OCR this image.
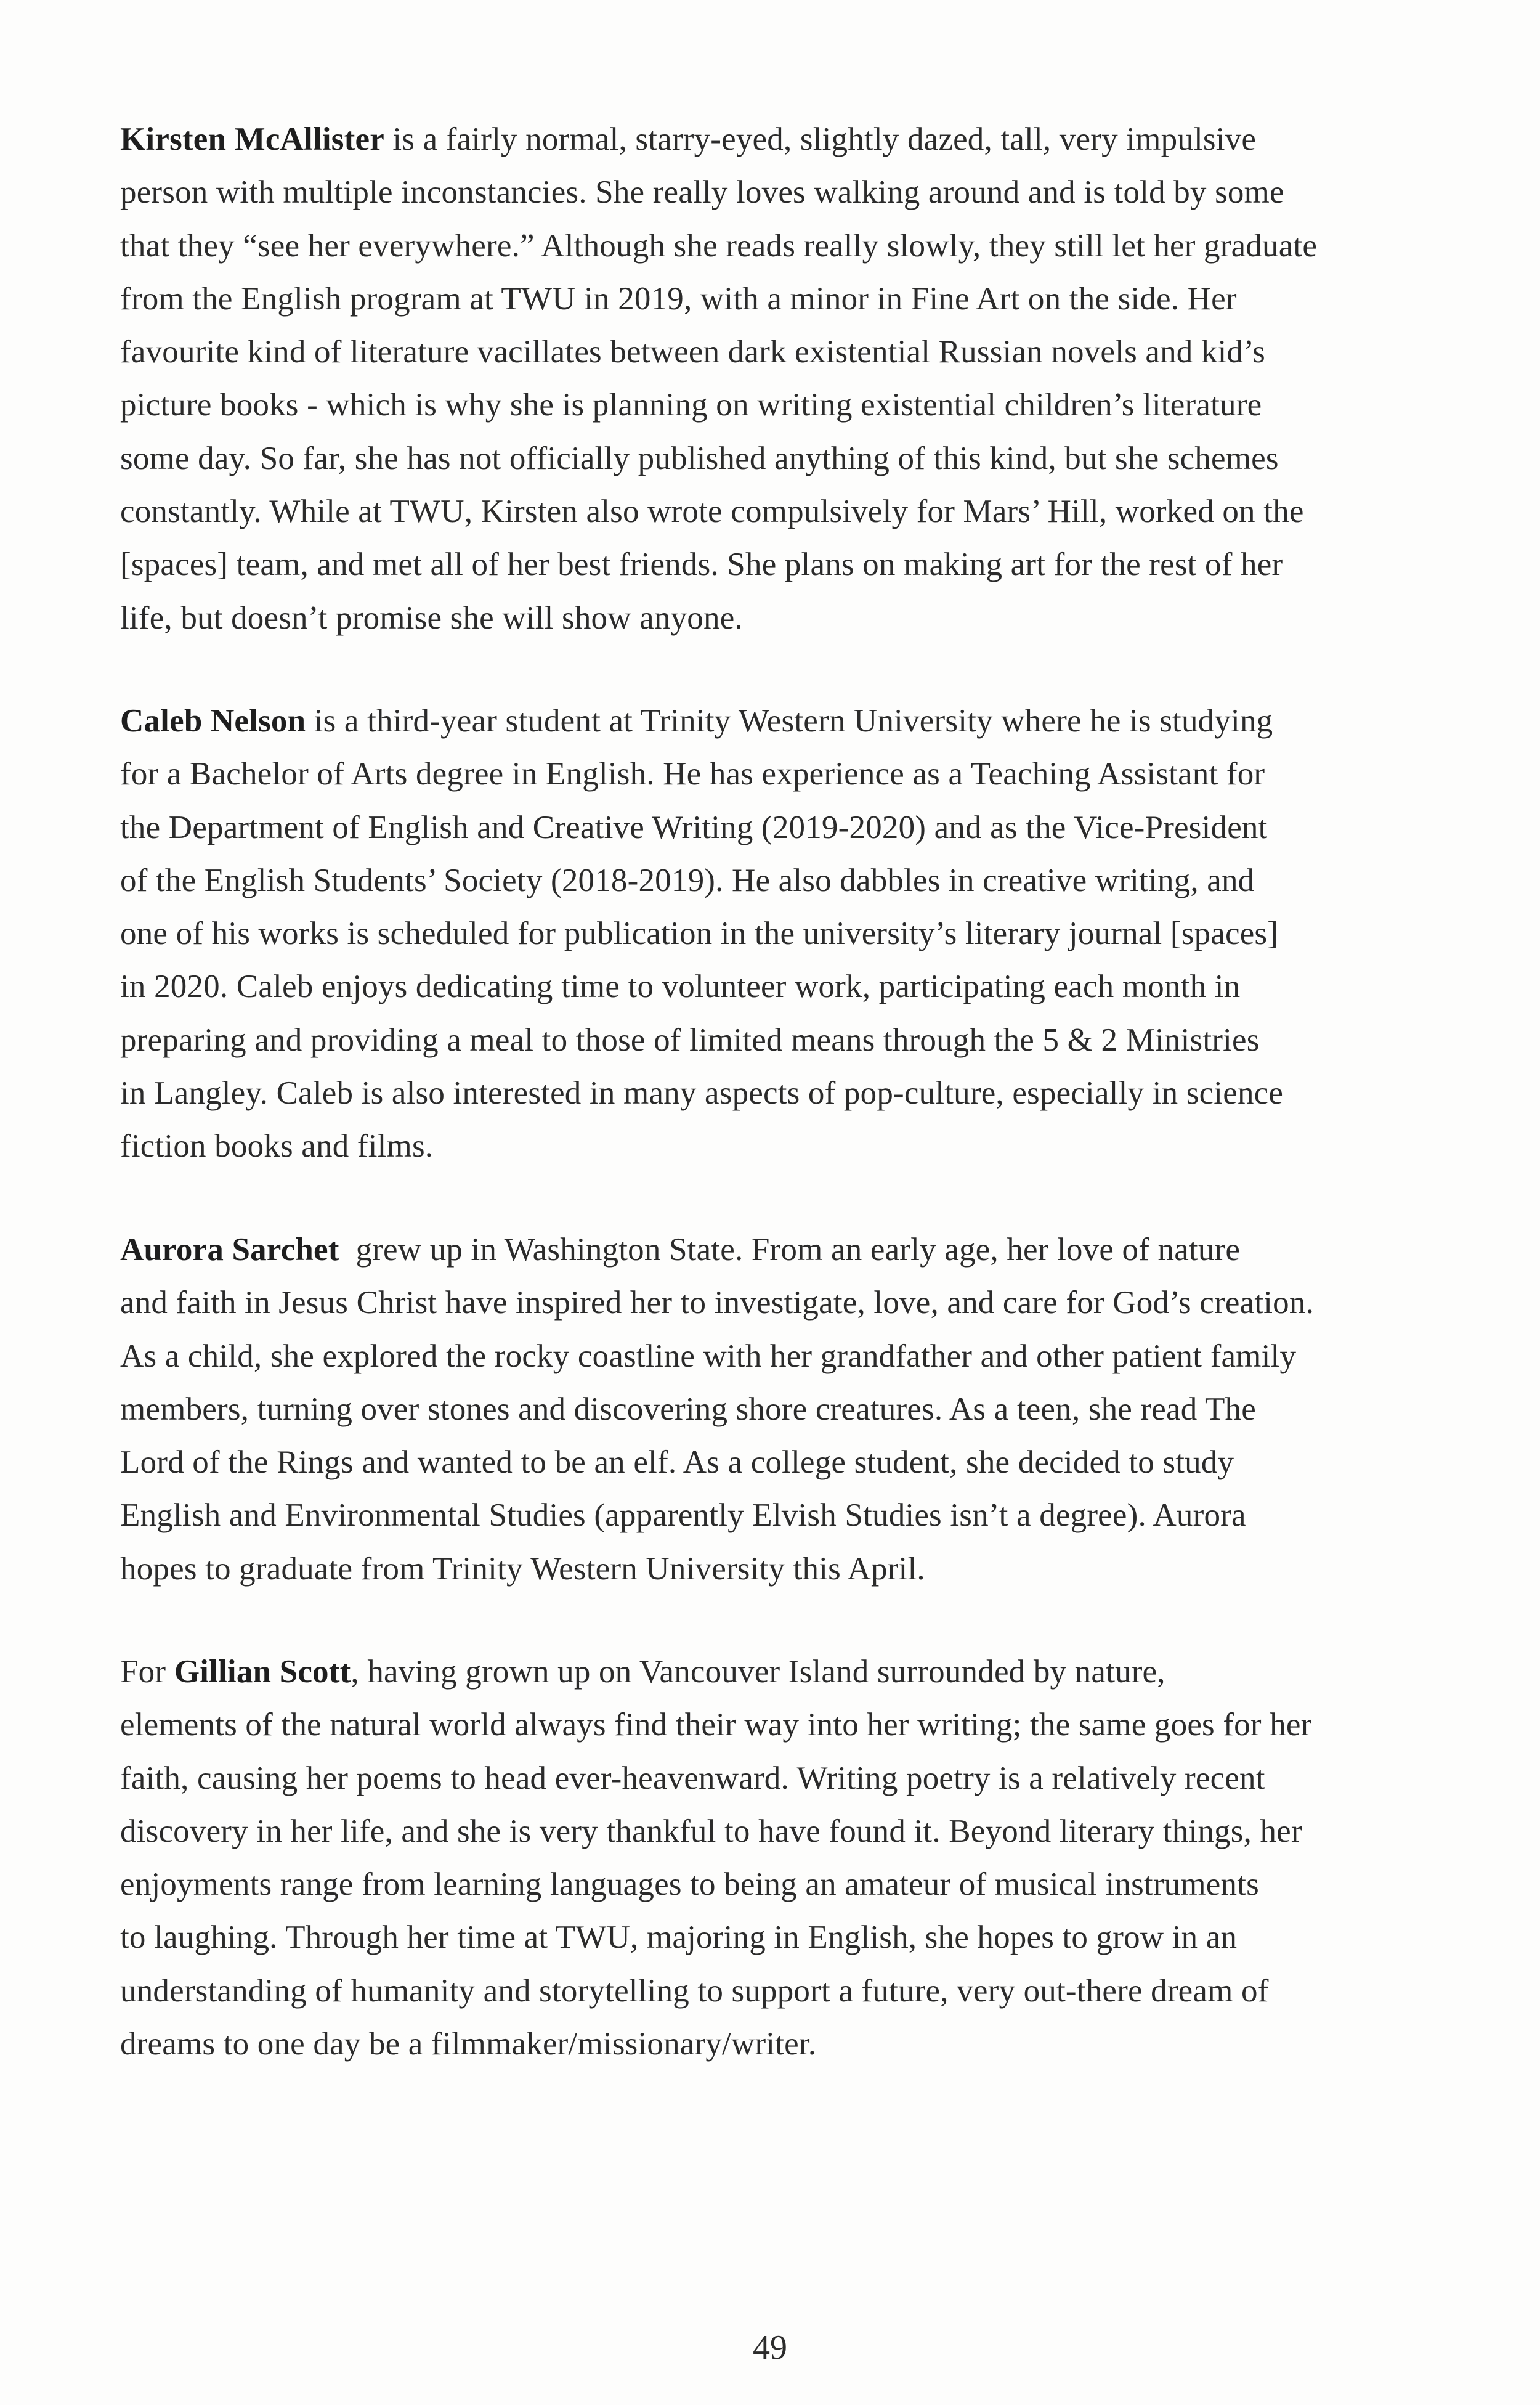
Kirsten McAllister is a fairly normal, starry-eyed, slightly dazed, tall, very impulsive
person with multiple inconstancies. She really loves walking around and is told by some
that they “see her everywhere.” Although she reads really slowly, they still let her graduate
from the English program at TWU in 2019, with a minor in Fine Art on the side. Her
favourite kind of literature vacillates between dark existential Russian novels and kid’s
picture books - which is why she is planning on writing existential children’s literature
some day. So far, she has not officially published anything of this kind, but she schemes
constantly. While at TWU, Kirsten also wrote compulsively for Mars’ Hill, worked on the
[spaces] team, and met all of her best friends. She plans on making art for the rest of her
life, but doesn’t promise she will show anyone.

Caleb Nelson is a third-year student at Trinity Western University where he is studying
for a Bachelor of Arts degree in English. He has experience as a Teaching Assistant for
the Department of English and Creative Writing (2019-2020) and as the Vice-President
of the English Students’ Society (2018-2019). He also dabbles in creative writing, and
one of his works is scheduled for publication in the university’s literary journal [spaces]
in 2020. Caleb enjoys dedicating time to volunteer work, participating each month in
preparing and providing a meal to those of limited means through the 5 & 2 Ministries
in Langley. Caleb is also interested in many aspects of pop-culture, especially in science
fiction books and films.

Aurora Sarchet  grew up in Washington State. From an early age, her love of nature
and faith in Jesus Christ have inspired her to investigate, love, and care for God’s creation.
As a child, she explored the rocky coastline with her grandfather and other patient family
members, turning over stones and discovering shore creatures. As a teen, she read The
Lord of the Rings and wanted to be an elf. As a college student, she decided to study
English and Environmental Studies (apparently Elvish Studies isn’t a degree). Aurora
hopes to graduate from Trinity Western University this April.

For Gillian Scott, having grown up on Vancouver Island surrounded by nature,
elements of the natural world always find their way into her writing; the same goes for her
faith, causing her poems to head ever-heavenward. Writing poetry is a relatively recent
discovery in her life, and she is very thankful to have found it. Beyond literary things, her
enjoyments range from learning languages to being an amateur of musical instruments
to laughing. Through her time at TWU, majoring in English, she hopes to grow in an
understanding of humanity and storytelling to support a future, very out-there dream of
dreams to one day be a filmmaker/missionary/writer.

49
